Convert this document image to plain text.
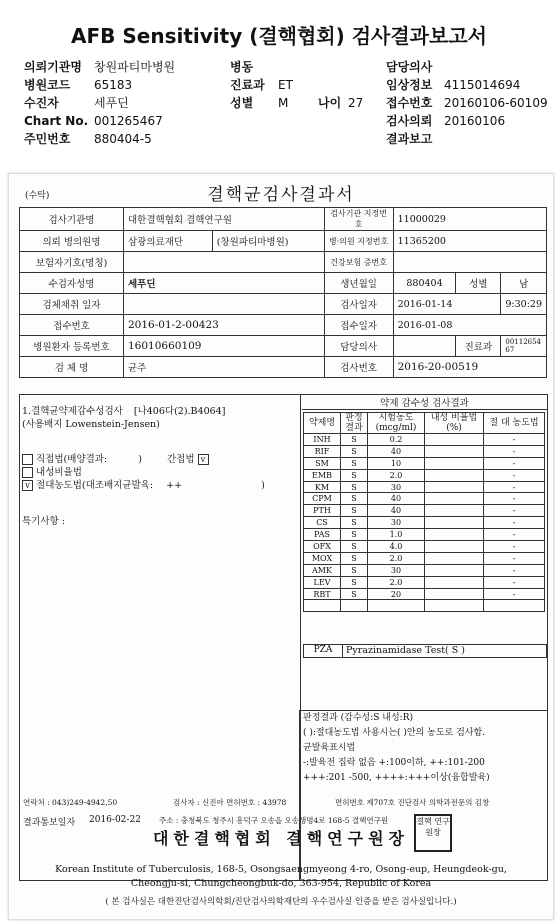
AFB Sensitivity (결핵협회) 검사결과보고서
의뢰기관명 창원파티마병원
병원코드 65183
수진자	세푸딘
Chart No. 001265467
주민번호 880404-5
병동
진료과 ET
성별 M 나이 27
담당의사
임상정보 4115014694
접수번호 20160106-60109
검사의뢰 20160106
결과보고
(수탁)	결핵균검사결과서
검사기관명	대한결핵협회 결핵연구원		검사기관 지정번호	11000029		
의뢰 병의원명	삼광의료재단	(창원파티마병원)	병·의원 지정번호	11365200		
보험자기호(명칭)			건강보험 증번호			
수검자성명	세푸딘		생년월일	880404	성별	남
검체채취 일자			검사일자	2016-01-14		9:30:29
접수번호	2016-01-2-00423		접수일자	2016-01-08		
병원환자 등록번호	16010660109		담당의사		진료과	00112654 67
검 체 명	균주		검사번호	2016-20-00519		
1.결핵균약제감수성검사 [나406다(2).B4064]
(사용배지 Lowenstein-Jensen)
직접법(배양결과:	)	간접법 v
내성비율법
v 절대농도법(대조배지균발육: ++	)
특기사항 :
약제 감수성 검사결과
약제명	판정결과	시험농도 (mcg/ml)	내성 비율법(%)	절 대 농도법
INH	S	0.2		-
RIF	S	40		-
SM	S	10		-
EMB	S	2.0		-
KM	S	30		-
CPM	S	40		-
PTH	S	40		-
CS	S	30		-
PAS	S	1.0		-
OFX	S	4.0		-
MOX	S	2.0		-
AMK	S	30		-
LEV	S	2.0		-
RBT	S	20		-

PZA	Pyrazinamidase Test( S )
판정결과 (감수성:S 내성:R)
( ):절대농도법 사용시는( )안의 농도로 검사함.
균발육표시법
-:발육전 집락 없음 +:100이하, ++:101-200
+++:201 -500, ++++:+++이상(융합발육)
연락처 : 043)249-4942,50	검사자 : 신진아 면허번호 : 43978	면허번호 제707호 진단검사 의학과전문의 김창
결과통보일자 2016-02-22 주소 : 충청북도 청주시 흥덕구 오송읍 오송생명4로 168-5 결핵연구원
대한결핵협회 결핵연구원장
결핵 연구 원장
Korean Institute of Tuberculosis, 168-5, Osongsaengmyeong 4-ro, Osong-eup, Heungdeok-gu,
Cheongju-si, Chungcheongbuk-do, 363-954, Republic of Korea
( 본 검사실은 대한진단검사의학회/진단검사의학재단의 우수검사실 인증을 받은 검사실입니다.)
